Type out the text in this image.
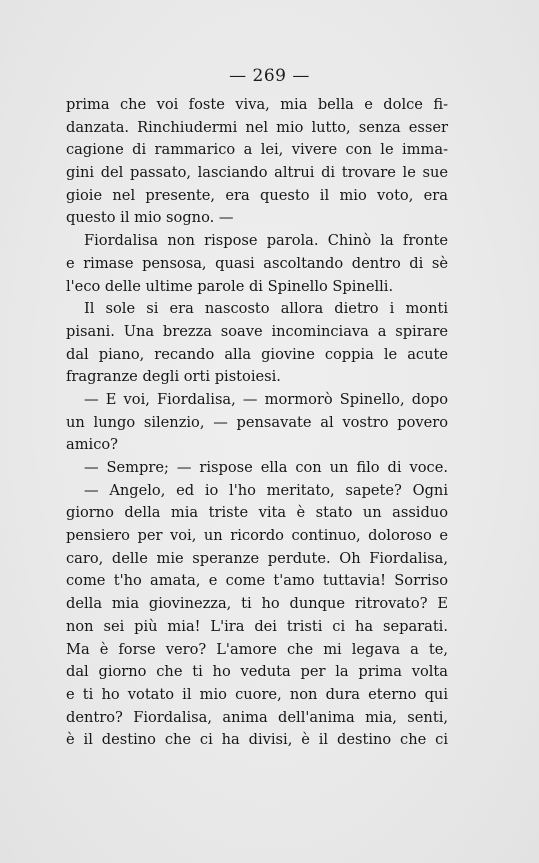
— 269 —
prima che voi foste viva, mia bella e dolce fi-
danzata. Rinchiudermi nel mio lutto, senza esser
cagione di rammarico a lei, vivere con le imma-
gini del passato, lasciando altrui di trovare le sue
gioie nel presente, era questo il mio voto, era
questo il mio sogno. —
Fiordalisa non rispose parola. Chinò la fronte
e rimase pensosa, quasi ascoltando dentro di sè
l'eco delle ultime parole di Spinello Spinelli.
Il sole si era nascosto allora dietro i monti
pisani. Una brezza soave incominciava a spirare
dal piano, recando alla giovine coppia le acute
fragranze degli orti pistoiesi.
— E voi, Fiordalisa, — mormorò Spinello, dopo
un lungo silenzio, — pensavate al vostro povero
amico?
— Sempre; — rispose ella con un filo di voce.
— Angelo, ed io l'ho meritato, sapete? Ogni
giorno della mia triste vita è stato un assiduo
pensiero per voi, un ricordo continuo, doloroso e
caro, delle mie speranze perdute. Oh Fiordalisa,
come t'ho amata, e come t'amo tuttavia! Sorriso
della mia giovinezza, ti ho dunque ritrovato? E
non sei più mia! L'ira dei tristi ci ha separati.
Ma è forse vero? L'amore che mi legava a te,
dal giorno che ti ho veduta per la prima volta
e ti ho votato il mio cuore, non dura eterno qui
dentro? Fiordalisa, anima dell'anima mia, senti,
è il destino che ci ha divisi, è il destino che ci
